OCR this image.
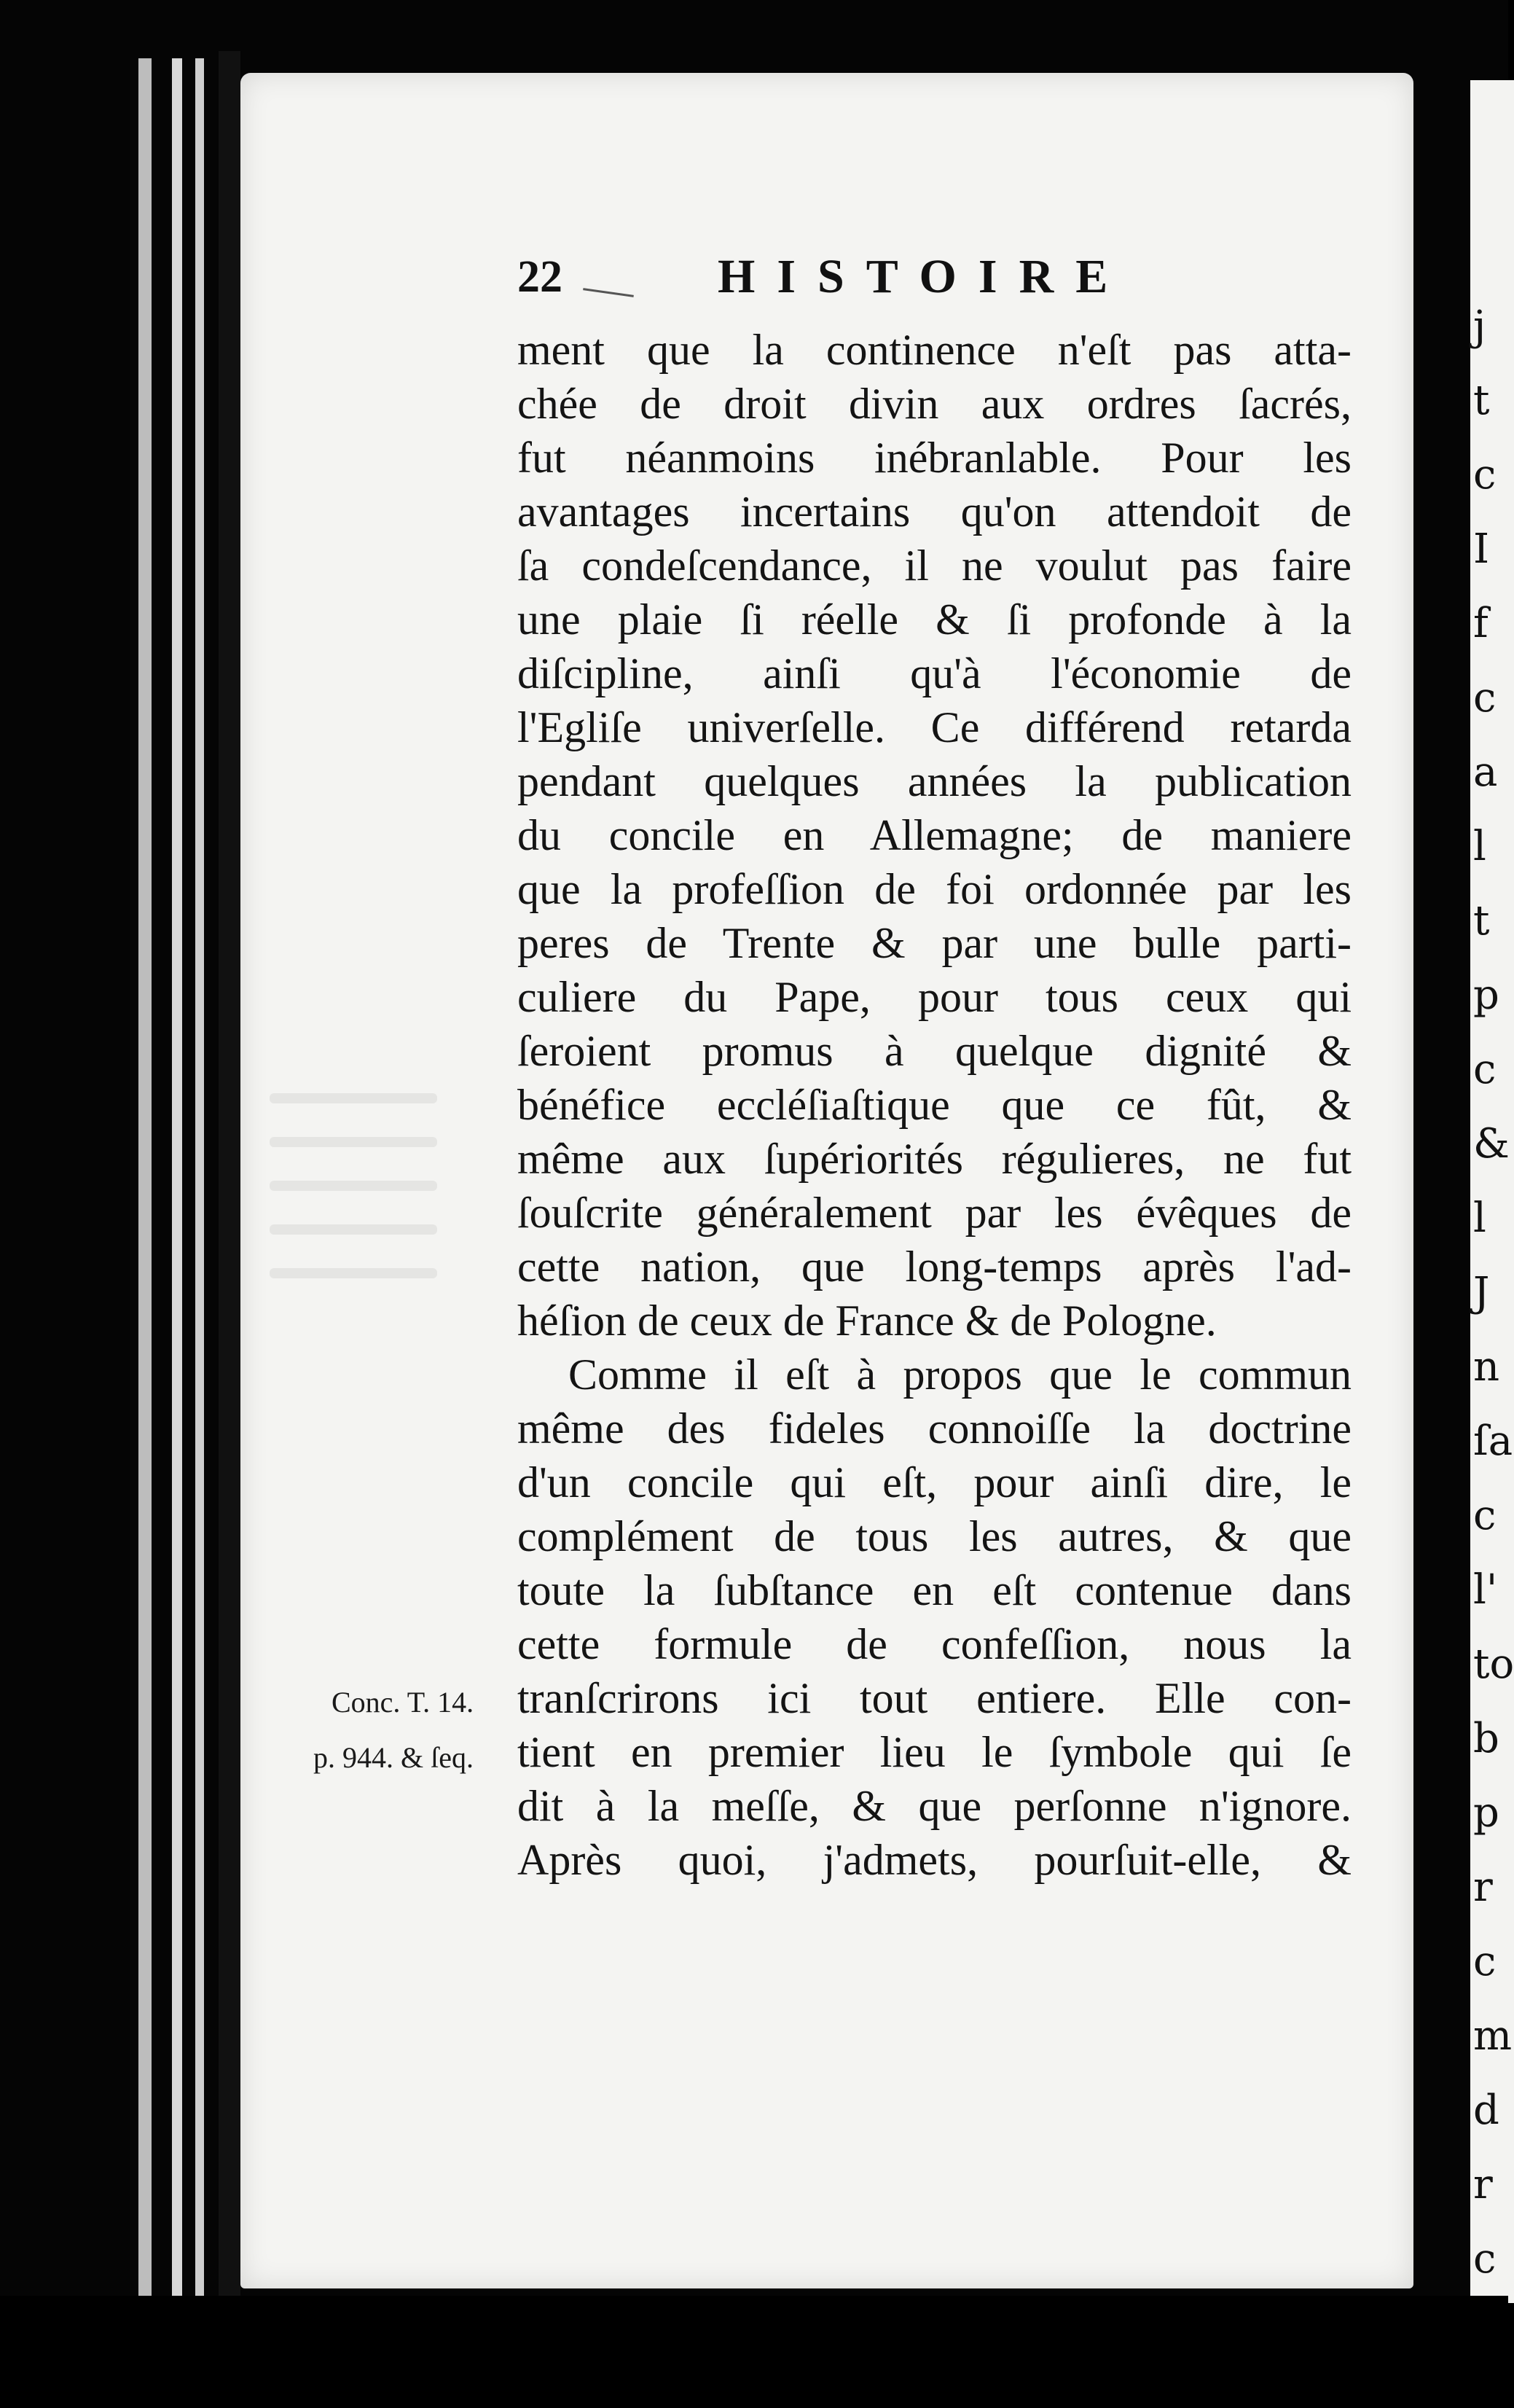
22	HISTOIRE
ment que la continence n'eſt pas atta-
chée de droit divin aux ordres ſacrés,
fut néanmoins inébranlable. Pour les
avantages incertains qu'on attendoit de
ſa condeſcendance, il ne voulut pas faire
une plaie ſi réelle & ſi profonde à la
diſcipline, ainſi qu'à l'économie de
l'Egliſe univerſelle. Ce différend retarda
pendant quelques années la publication
du concile en Allemagne; de maniere
que la profeſſion de foi ordonnée par les
peres de Trente & par une bulle parti-
culiere du Pape, pour tous ceux qui
ſeroient promus à quelque dignité &
bénéfice eccléſiaſtique que ce fût, &
même aux ſupériorités régulieres, ne fut
ſouſcrite généralement par les évêques de
cette nation, que long-temps après l'ad-
héſion de ceux de France & de Pologne.
Comme il eſt à propos que le commun
même des fideles connoiſſe la doctrine
d'un concile qui eſt, pour ainſi dire, le
complément de tous les autres, & que
toute la ſubſtance en eſt contenue dans
cette formule de confeſſion, nous la
tranſcrirons ici tout entiere. Elle con-
tient en premier lieu le ſymbole qui ſe
dit à la meſſe, & que perſonne n'ignore.
Après quoi, j'admets, pourſuit-elle, &
Conc. T. 14.
p. 944. & ſeq.
j
t
c
I
f
c
a
l
t
p
c
&
l
J
n
ſa
c
l'
to
b
p
r
c
m
d
r
c
